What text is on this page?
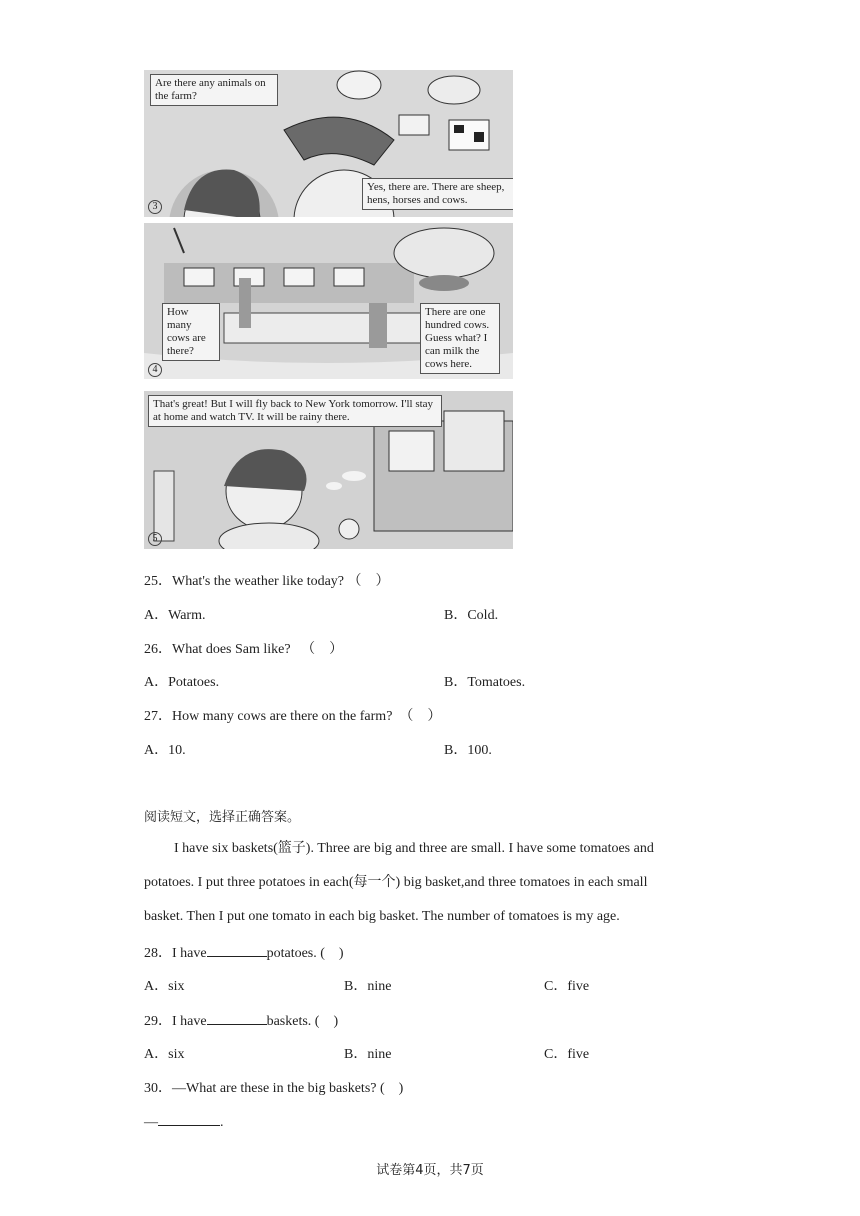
Are there any animals on the farm?
Yes, there are. There are sheep, hens, horses and cows.
3
How many cows are there?
There are one hundred cows. Guess what? I can milk the cows here.
4
That's great! But I will fly back to New York tomorrow. I'll stay at home and watch TV. It will be rainy there.
5
25．What's the weather like today? （　）
A．Warm.	B．Cold.
26．What does Sam like? （　）
A．Potatoes.	B．Tomatoes.
27．How many cows are there on the farm? （　）
A．10.	B．100.
阅读短文，选择正确答案。
I have six baskets(篮子). Three are big and three are small. I have some tomatoes and
potatoes. I put three potatoes in each(每一个) big basket,and three tomatoes in each small
basket. Then I put one tomato in each big basket. The number of tomatoes is my age.
28．I have	potatoes. (　)
A．six	B．nine	C．five
29．I have	baskets. (　)
A．six	B．nine	C．five
30．—What are these in the big baskets? (　)
—	.
试卷第4页，共7页
